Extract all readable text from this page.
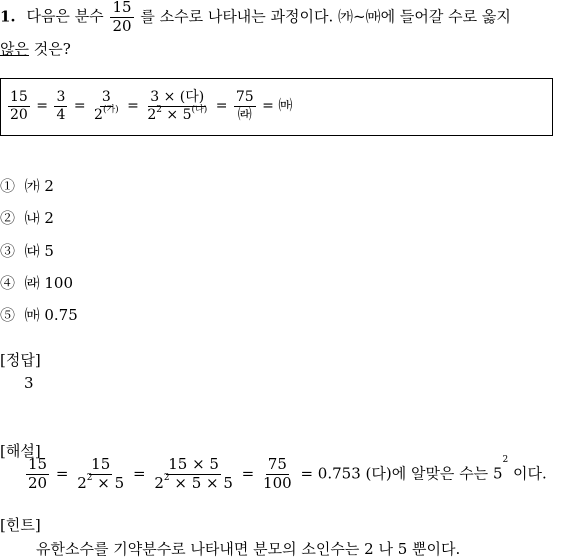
1. 다음은 분수 $\frac{15}{20}$ 를 소수로 나타내는 과정이다. ㈎~㈒에 들어갈 수로 옳지
않은 것은?
$\frac{15}{20} = \frac{3}{4} = \frac{3}{2^{(가)}} = \frac{\text{3 × (다)}}{2^2 \times 5^{(나)}} = \frac{75}{㈑}$ = ㈒
① ㈎ 2
② ㈏ 2
③ ㈐ 5
④ ㈑ 100
⑤ ㈒ 0.75
[정답]
3
[해설]
$\frac{15}{20} = \frac{15}{2^2 \times 5} = \frac{15 \times 5}{2^2 \times 5 \times 5} = \frac{75}{100} = 0.753$ (다)에 알맞은 수는 $5^2$ 이다.
[힌트]
유한소수를 기약분수로 나타내면 분모의 소인수는 2 나 5 뿐이다.
